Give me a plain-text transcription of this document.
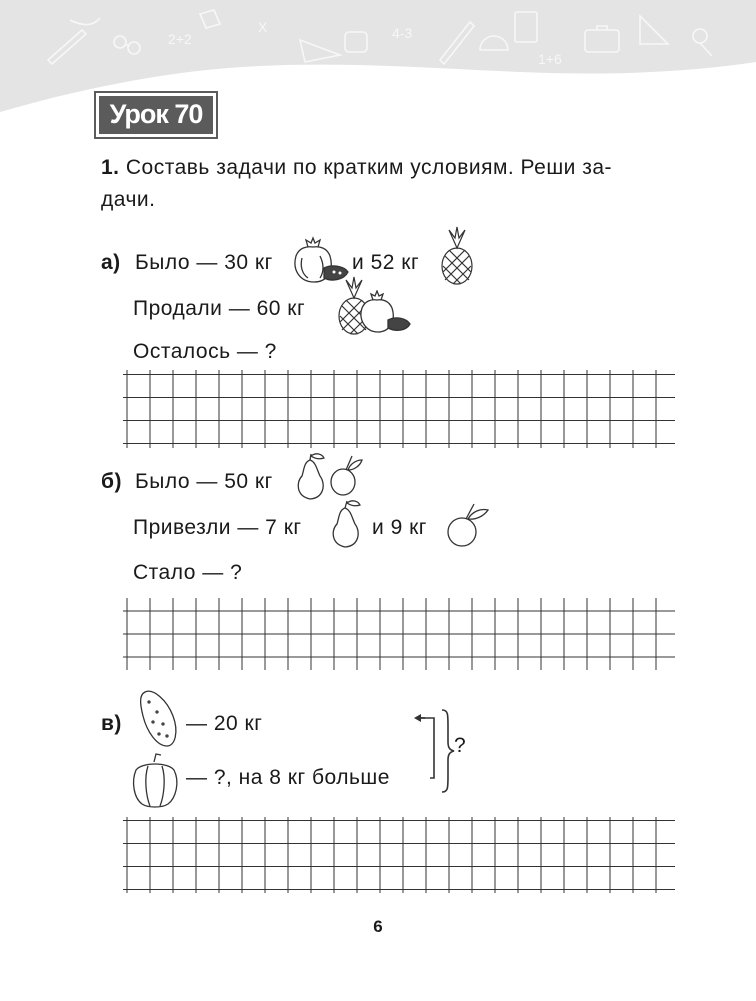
2+2
X	4-3
1+6
Урок 70
1. Составь задачи по кратким условиям. Реши за-
дачи.
а) Было — 30 кг	и 52 кг
Продали — 60 кг
Осталось — ?
б) Было — 50 кг
Привезли — 7 кг	и 9 кг
Стало — ?
в)	— 20 кг
— ?, на 8 кг больше
?
6
